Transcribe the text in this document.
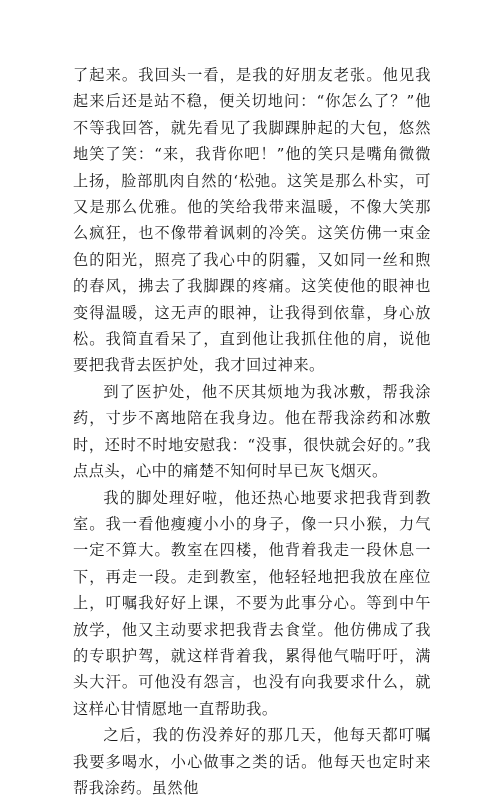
了起来。我回头一看，是我的好朋友老张。他见我起来后还是站不稳，便关切地问：“你怎么了？”他不等我回答，就先看见了我脚踝肿起的大包，悠然地笑了笑：“来，我背你吧！”他的笑只是嘴角微微上扬，脸部肌肉自然的‘松弛。这笑是那么朴实，可又是那么优雅。他的笑给我带来温暖，不像大笑那么疯狂，也不像带着讽刺的冷笑。这笑仿佛一束金色的阳光，照亮了我心中的阴霾，又如同一丝和煦的春风，拂去了我脚踝的疼痛。这笑使他的眼神也变得温暖，这无声的眼神，让我得到依靠，身心放松。我简直看呆了，直到他让我抓住他的肩，说他要把我背去医护处，我才回过神来。

到了医护处，他不厌其烦地为我冰敷，帮我涂药，寸步不离地陪在我身边。他在帮我涂药和冰敷时，还时不时地安慰我：“没事，很快就会好的。”我点点头，心中的痛楚不知何时早已灰飞烟灭。

我的脚处理好啦，他还热心地要求把我背到教室。我一看他瘦瘦小小的身子，像一只小猴，力气一定不算大。教室在四楼，他背着我走一段休息一下，再走一段。走到教室，他轻轻地把我放在座位上，叮嘱我好好上课，不要为此事分心。等到中午放学，他又主动要求把我背去食堂。他仿佛成了我的专职护驾，就这样背着我，累得他气喘吁吁，满头大汗。可他没有怨言，也没有向我要求什么，就这样心甘情愿地一直帮助我。

之后，我的伤没养好的那几天，他每天都叮嘱我要多喝水，小心做事之类的话。他每天也定时来帮我涂药。虽然他
